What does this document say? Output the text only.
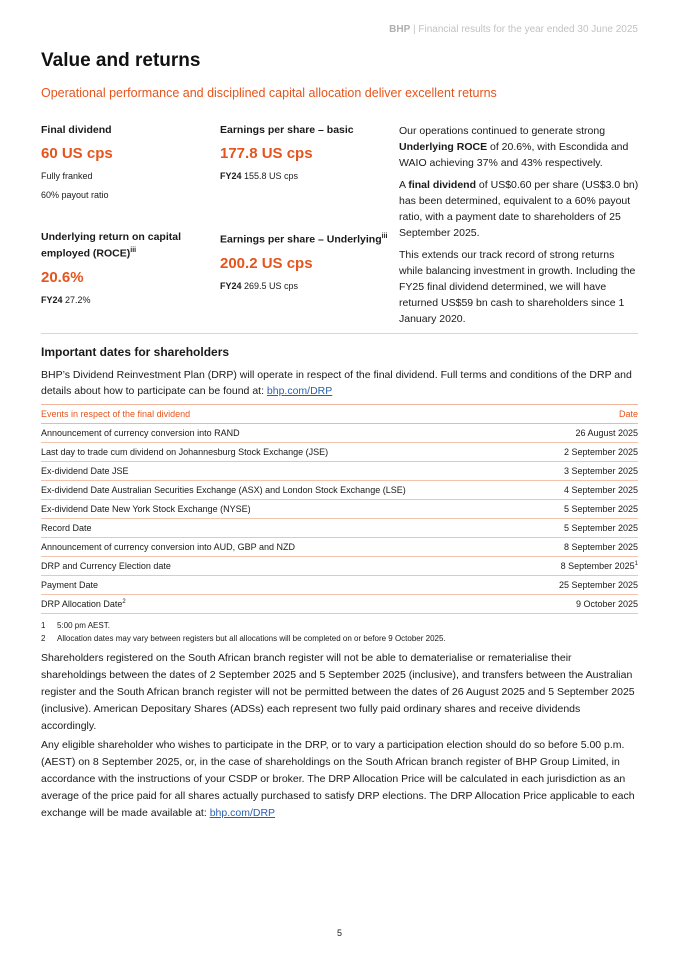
BHP | Financial results for the year ended 30 June 2025
Value and returns
Operational performance and disciplined capital allocation deliver excellent returns
Final dividend
60 US cps
Fully franked
60% payout ratio
Earnings per share – basic
177.8 US cps
FY24 155.8 US cps
Underlying return on capital employed (ROCE)$^{iii}$
20.6%
FY24 27.2%
Earnings per share – Underlying$^{iii}$
200.2 US cps
FY24 269.5 US cps

Our operations continued to generate strong Underlying ROCE of 20.6%, with Escondida and WAIO achieving 37% and 43% respectively.

A final dividend of US$0.60 per share (US$3.0 bn) has been determined, equivalent to a 60% payout ratio, with a payment date to shareholders of 25 September 2025.

This extends our track record of strong returns while balancing investment in growth. Including the FY25 final dividend determined, we will have returned US$59 bn cash to shareholders since 1 January 2020.

Important dates for shareholders

BHP’s Dividend Reinvestment Plan (DRP) will operate in respect of the final dividend. Full terms and conditions of the DRP and details about how to participate can be found at: bhp.com/DRP

Events in respect of the final dividend	Date
Announcement of currency conversion into RAND	26 August 2025
Last day to trade cum dividend on Johannesburg Stock Exchange (JSE)	2 September 2025
Ex-dividend Date JSE	3 September 2025
Ex-dividend Date Australian Securities Exchange (ASX) and London Stock Exchange (LSE)	4 September 2025
Ex-dividend Date New York Stock Exchange (NYSE)	5 September 2025
Record Date	5 September 2025
Announcement of currency conversion into AUD, GBP and NZD	8 September 2025
DRP and Currency Election date	8 September 2025$^1$
Payment Date	25 September 2025
DRP Allocation Date$^2$	9 October 2025
1 5:00 pm AEST.
2 Allocation dates may vary between registers but all allocations will be completed on or before 9 October 2025.

Shareholders registered on the South African branch register will not be able to dematerialise or rematerialise their shareholdings between the dates of 2 September 2025 and 5 September 2025 (inclusive), and transfers between the Australian register and the South African branch register will not be permitted between the dates of 26 August 2025 and 5 September 2025 (inclusive). American Depositary Shares (ADSs) each represent two fully paid ordinary shares and receive dividends accordingly.

Any eligible shareholder who wishes to participate in the DRP, or to vary a participation election should do so before 5.00 p.m. (AEST) on 8 September 2025, or, in the case of shareholdings on the South African branch register of BHP Group Limited, in accordance with the instructions of your CSDP or broker. The DRP Allocation Price will be calculated in each jurisdiction as an average of the price paid for all shares actually purchased to satisfy DRP elections. The DRP Allocation Price applicable to each exchange will be made available at: bhp.com/DRP

5
